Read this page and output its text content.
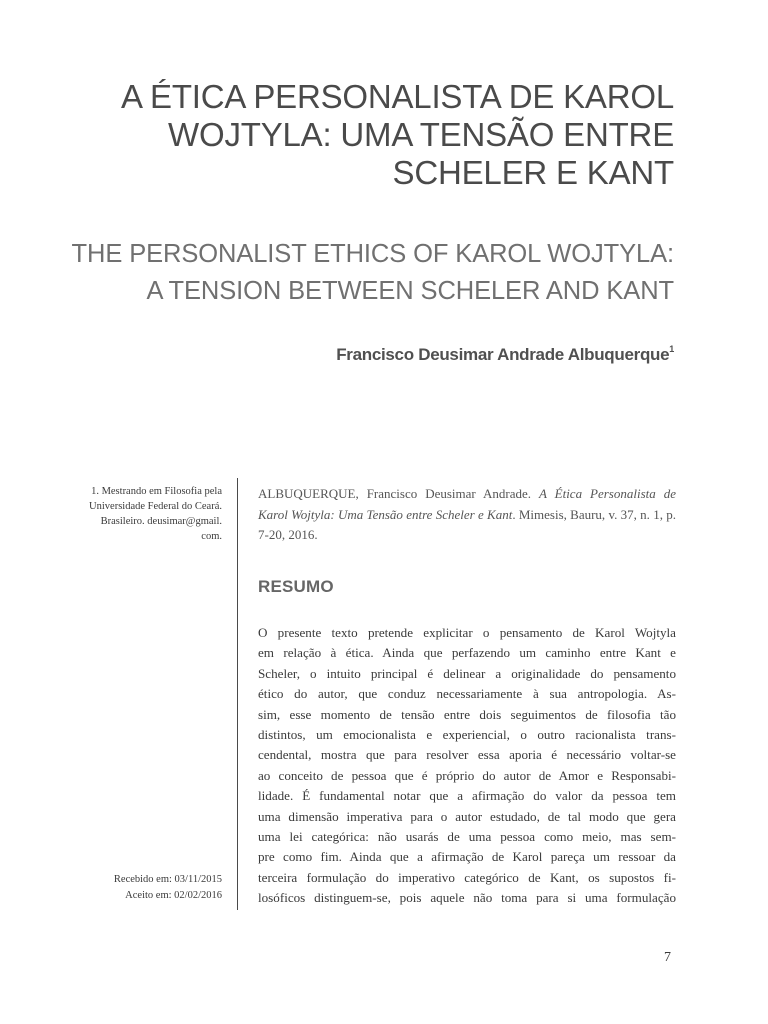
A ÉTICA PERSONALISTA DE KAROL
WOJTYLA: UMA TENSÃO ENTRE
SCHELER E KANT
THE PERSONALIST ETHICS OF KAROL WOJTYLA:
A TENSION BETWEEN SCHELER AND KANT
Francisco Deusimar Andrade Albuquerque$^1$
1. Mestrando em Filosofia pela
Universidade Federal do Ceará.
Brasileiro. deusimar@gmail.
com.
ALBUQUERQUE, Francisco Deusimar Andrade. A Ética Personalista de Karol Wojtyla: Uma Tensão entre Scheler e Kant. Mimesis, Bauru, v. 37, n. 1, p. 7-20, 2016.
RESUMO
O presente texto pretende explicitar o pensamento de Karol Wojtyla
em relação à ética. Ainda que perfazendo um caminho entre Kant e
Scheler, o intuito principal é delinear a originalidade do pensamento
ético do autor, que conduz necessariamente à sua antropologia. As-
sim, esse momento de tensão entre dois seguimentos de filosofia tão
distintos, um emocionalista e experiencial, o outro racionalista trans-
cendental, mostra que para resolver essa aporia é necessário voltar-se
ao conceito de pessoa que é próprio do autor de Amor e Responsabi-
lidade. É fundamental notar que a afirmação do valor da pessoa tem
uma dimensão imperativa para o autor estudado, de tal modo que gera
uma lei categórica: não usarás de uma pessoa como meio, mas sem-
pre como fim. Ainda que a afirmação de Karol pareça um ressoar da
terceira formulação do imperativo categórico de Kant, os supostos fi-
losóficos distinguem-se, pois aquele não toma para si uma formulação
Recebido em: 03/11/2015
Aceito em: 02/02/2016
7
